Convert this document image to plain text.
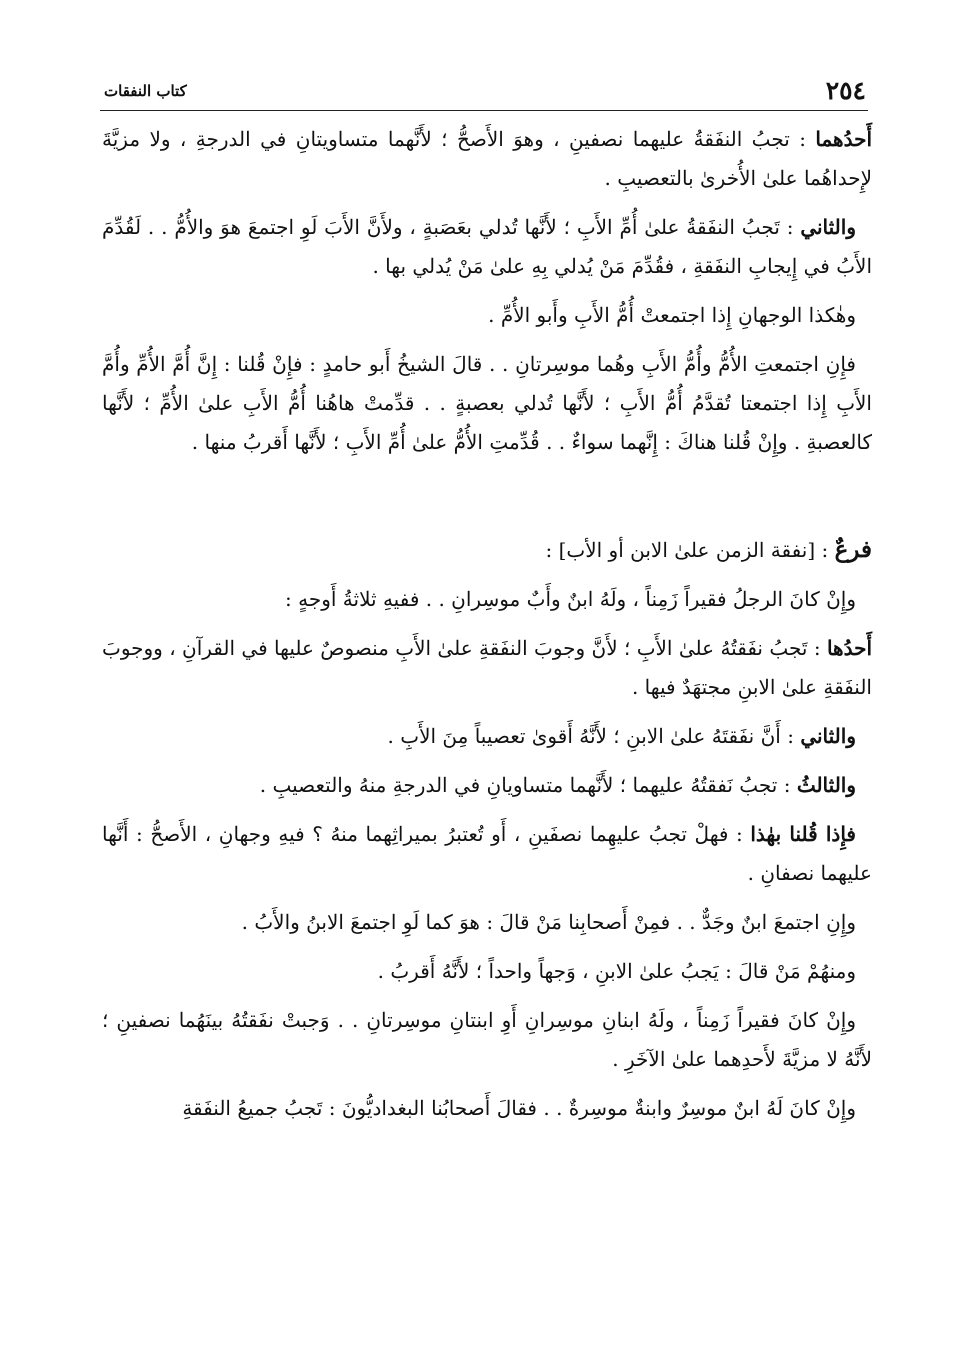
٢٥٤
كتاب النفقات

أَحدُهما : تجبُ النفَقةُ عليهما نصفينِ ، وهوَ الأَصحُّ ؛ لأَنَّهما متساويتانِ في الدرجةِ ، ولا مزيَّةَ لإِحداهُما علىٰ الأُخرىٰ بالتعصيبِ .

والثاني : تَجبُ النفَقةُ علىٰ أُمِّ الأَبِ ؛ لأَنَّها تُدلي بعَصَبةٍ ، ولأَنَّ الأَبَ لَوِ اجتمعَ هوَ والأُمُّ . . لَقُدِّمَ الأَبُ في إِيجابِ النفَقةِ ، فقُدِّمَ مَنْ يُدلي بِهِ علىٰ مَنْ يُدلي بها .

وهٰكذا الوجهانِ إِذا اجتمعتْ أُمُّ الأَبِ وأَبو الأُمِّ .

فإِنِ اجتمعتِ الأُمُّ وأُمُّ الأَبِ وهُما موسِرتانِ . . قالَ الشيخُ أَبو حامدٍ : فإِنْ قُلنا : إِنَّ أُمَّ الأُمِّ وأُمَّ الأَبِ إِذا اجتمعتا تُقدَّمُ أُمُّ الأَبِ ؛ لأَنَّها تُدلي بعصبةٍ . . قدِّمتْ هاهُنا أُمُّ الأَبِ علىٰ الأُمِّ ؛ لأَنَّها كالعصبةِ . وإِنْ قُلنا هناكَ : إِنَّهما سواءٌ . . قُدِّمتِ الأُمُّ علىٰ أُمِّ الأَبِ ؛ لأَنَّها أَقربُ منها .

فرعٌ : [نفقة الزمن علىٰ الابن أو الأب] :

وإِنْ كانَ الرجلُ فقيراً زَمِناً ، ولَهُ ابنٌ وأَبٌ موسِرانِ . . ففيهِ ثلاثةُ أَوجهٍ :

أَحدُها : تَجبُ نفَقتُهُ علىٰ الأَبِ ؛ لأَنَّ وجوبَ النفَقةِ علىٰ الأَبِ منصوصٌ عليها في القرآنِ ، ووجوبَ النفَقةِ علىٰ الابنِ مجتهَدٌ فيها .

والثاني : أَنَّ نفَقتَهُ علىٰ الابنِ ؛ لأَنَّهُ أَقوىٰ تعصيباً مِنَ الأَبِ .

والثالثُ : تجبُ نَفقتُهُ عليهما ؛ لأَنَّهما متساويانِ في الدرجةِ منهُ والتعصيبِ .

فإِذا قُلنا بهٰذا : فهلْ تجبُ عليهِما نصفَينِ ، أَو تُعتبرُ بميراثِهما منهُ ؟ فيهِ وجهانِ ، الأَصحُّ : أَنَّها عليهما نصفانِ .

وإِنِ اجتمعَ ابنٌ وجَدٌّ . . فمِنْ أَصحابِنا مَنْ قالَ : هوَ كما لَوِ اجتمعَ الابنُ والأَبُ .

ومنهُمْ مَنْ قالَ : يَجبُ علىٰ الابنِ ، وَجهاً واحداً ؛ لأَنَّهُ أَقربُ .

وإِنْ كانَ فقيراً زَمِناً ، ولَهُ ابنانِ موسِرانِ أَوِ ابنتانِ موسِرتانِ . . وَجبتْ نفَقتُهُ بينَهُما نصفينِ ؛ لأَنَّهُ لا مزيَّةَ لأَحدِهما علىٰ الآخَرِ .

وإِنْ كانَ لَهُ ابنٌ موسِرٌ وابنةٌ موسِرةٌ . . فقالَ أَصحابُنا البغداديُّونَ : تَجبُ جميعُ النفَقةِ
